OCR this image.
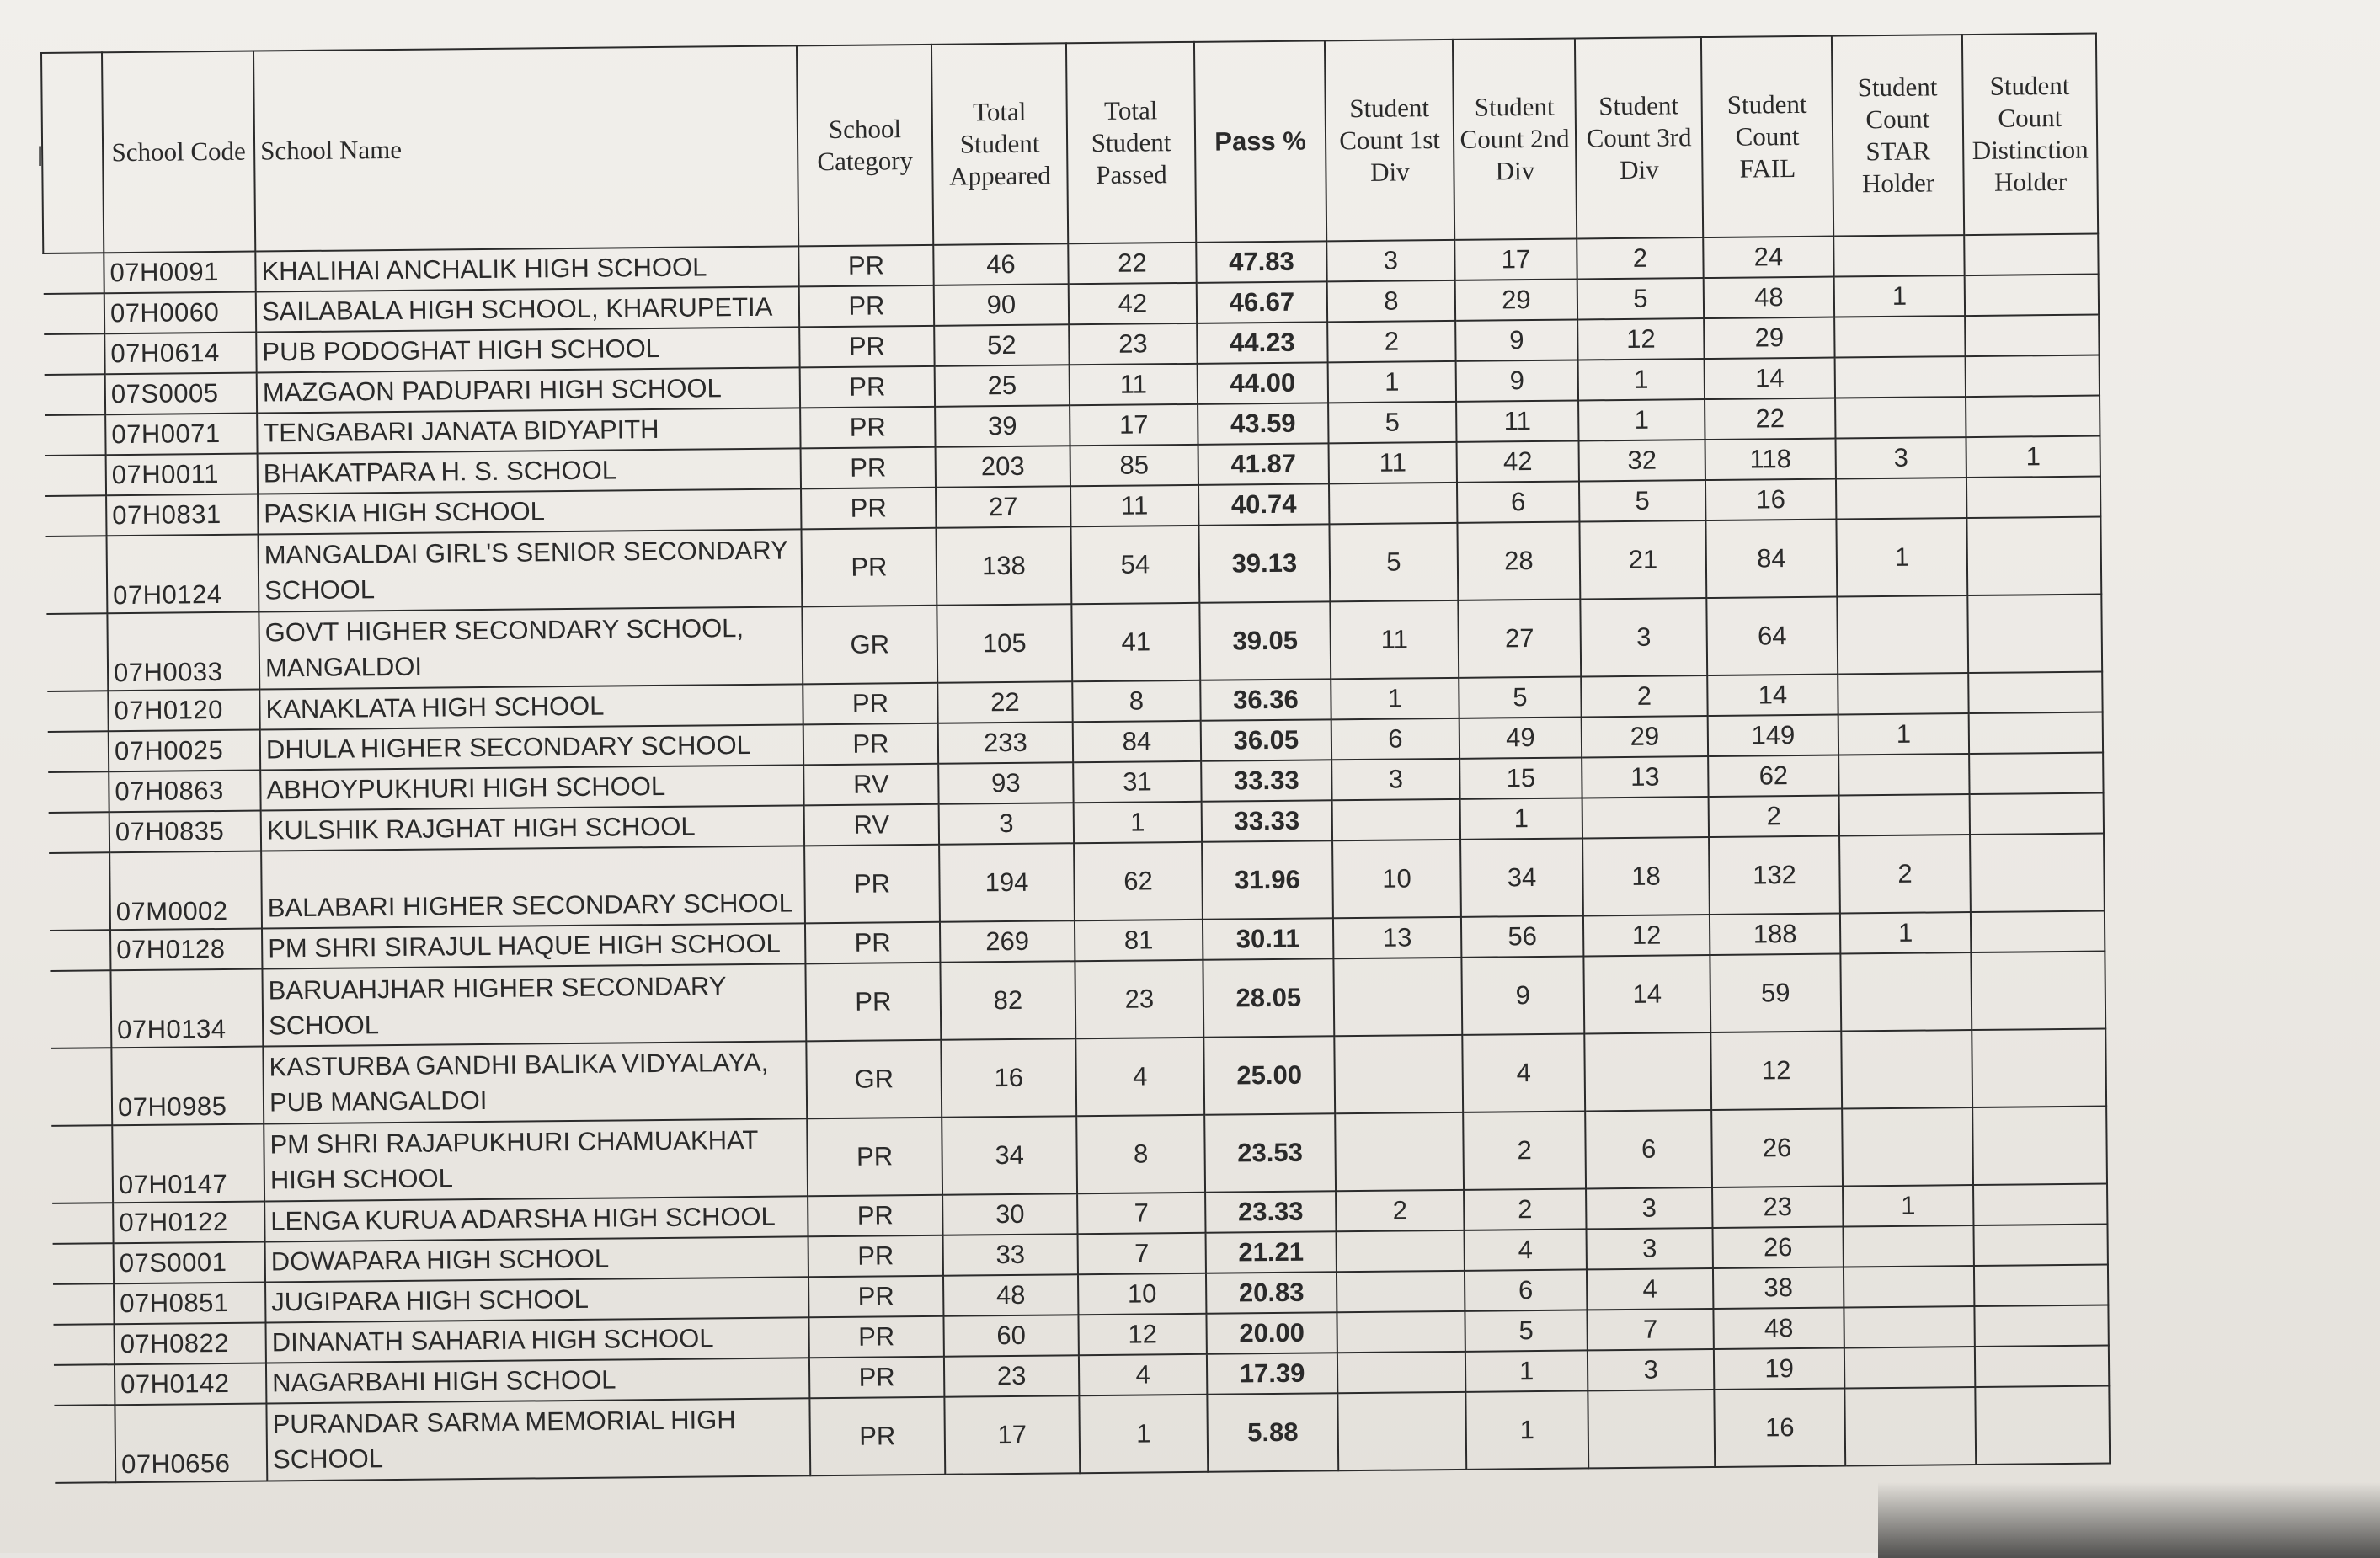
l
		School Code	School Name	School Category	Total Student Appeared	Total Student Passed	Pass %	Student Count 1st Div	Student Count 2nd Div	Student Count 3rd Div	Student Count FAIL	Student Count STAR Holder	Student Count Distinction Holder
	07H0091	KHALIHAI ANCHALIK HIGH SCHOOL	PR	46	22	47.83	3	17	2	24		
	07H0060	SAILABALA HIGH SCHOOL, KHARUPETIA	PR	90	42	46.67	8	29	5	48	1	
	07H0614	PUB PODOGHAT HIGH SCHOOL	PR	52	23	44.23	2	9	12	29		
	07S0005	MAZGAON PADUPARI HIGH SCHOOL	PR	25	11	44.00	1	9	1	14		
	07H0071	TENGABARI JANATA BIDYAPITH	PR	39	17	43.59	5	11	1	22		
	07H0011	BHAKATPARA H. S. SCHOOL	PR	203	85	41.87	11	42	32	118	3	1
	07H0831	PASKIA HIGH SCHOOL	PR	27	11	40.74		6	5	16		
	07H0124	MANGALDAI GIRL'S SENIOR SECONDARY SCHOOL	PR	138	54	39.13	5	28	21	84	1	
	07H0033	GOVT HIGHER SECONDARY SCHOOL, MANGALDOI	GR	105	41	39.05	11	27	3	64		
	07H0120	KANAKLATA HIGH SCHOOL	PR	22	8	36.36	1	5	2	14		
	07H0025	DHULA HIGHER SECONDARY SCHOOL	PR	233	84	36.05	6	49	29	149	1	
	07H0863	ABHOYPUKHURI HIGH SCHOOL	RV	93	31	33.33	3	15	13	62		
	07H0835	KULSHIK RAJGHAT HIGH SCHOOL	RV	3	1	33.33		1		2		
	07M0002	BALABARI HIGHER SECONDARY SCHOOL	PR	194	62	31.96	10	34	18	132	2	
	07H0128	PM SHRI SIRAJUL HAQUE HIGH SCHOOL	PR	269	81	30.11	13	56	12	188	1	
	07H0134	BARUAHJHAR HIGHER SECONDARY SCHOOL	PR	82	23	28.05		9	14	59		
	07H0985	KASTURBA GANDHI BALIKA VIDYALAYA, PUB MANGALDOI	GR	16	4	25.00		4		12		
	07H0147	PM SHRI RAJAPUKHURI CHAMUAKHAT HIGH SCHOOL	PR	34	8	23.53		2	6	26		
	07H0122	LENGA KURUA ADARSHA HIGH SCHOOL	PR	30	7	23.33	2	2	3	23	1	
	07S0001	DOWAPARA HIGH SCHOOL	PR	33	7	21.21		4	3	26		
	07H0851	JUGIPARA HIGH SCHOOL	PR	48	10	20.83		6	4	38		
	07H0822	DINANATH SAHARIA HIGH SCHOOL	PR	60	12	20.00		5	7	48		
	07H0142	NAGARBAHI HIGH SCHOOL	PR	23	4	17.39		1	3	19		
	07H0656	PURANDAR SARMA MEMORIAL HIGH SCHOOL	PR	17	1	5.88		1		16		
